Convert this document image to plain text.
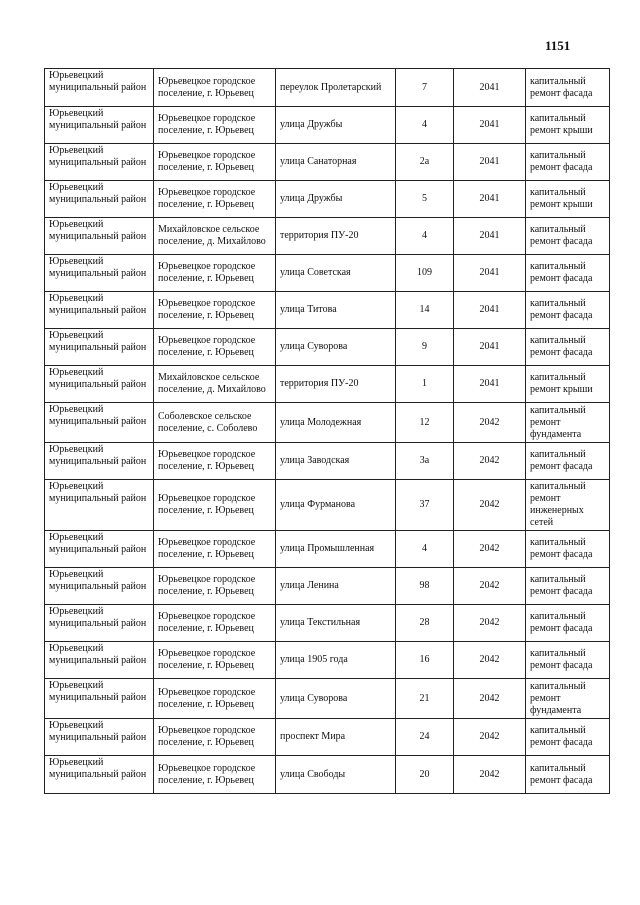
1151
Юрьевецкий муниципальный район	Юрьевецкое городское поселение, г. Юрьевец	переулок Пролетарский	7	2041	капитальный ремонт фасада
Юрьевецкий муниципальный район	Юрьевецкое городское поселение, г. Юрьевец	улица Дружбы	4	2041	капитальный ремонт крыши
Юрьевецкий муниципальный район	Юрьевецкое городское поселение, г. Юрьевец	улица Санаторная	2а	2041	капитальный ремонт фасада
Юрьевецкий муниципальный район	Юрьевецкое городское поселение, г. Юрьевец	улица Дружбы	5	2041	капитальный ремонт крыши
Юрьевецкий муниципальный район	Михайловское сельское поселение, д. Михайлово	территория ПУ-20	4	2041	капитальный ремонт фасада
Юрьевецкий муниципальный район	Юрьевецкое городское поселение, г. Юрьевец	улица Советская	109	2041	капитальный ремонт фасада
Юрьевецкий муниципальный район	Юрьевецкое городское поселение, г. Юрьевец	улица Титова	14	2041	капитальный ремонт фасада
Юрьевецкий муниципальный район	Юрьевецкое городское поселение, г. Юрьевец	улица Суворова	9	2041	капитальный ремонт фасада
Юрьевецкий муниципальный район	Михайловское сельское поселение, д. Михайлово	территория ПУ-20	1	2041	капитальный ремонт крыши
Юрьевецкий муниципальный район	Соболевское сельское поселение, с. Соболево	улица Молодежная	12	2042	капитальный ремонт фундамента
Юрьевецкий муниципальный район	Юрьевецкое городское поселение, г. Юрьевец	улица Заводская	3а	2042	капитальный ремонт фасада
Юрьевецкий муниципальный район	Юрьевецкое городское поселение, г. Юрьевец	улица Фурманова	37	2042	капитальный ремонт инженерных сетей
Юрьевецкий муниципальный район	Юрьевецкое городское поселение, г. Юрьевец	улица Промышленная	4	2042	капитальный ремонт фасада
Юрьевецкий муниципальный район	Юрьевецкое городское поселение, г. Юрьевец	улица Ленина	98	2042	капитальный ремонт фасада
Юрьевецкий муниципальный район	Юрьевецкое городское поселение, г. Юрьевец	улица Текстильная	28	2042	капитальный ремонт фасада
Юрьевецкий муниципальный район	Юрьевецкое городское поселение, г. Юрьевец	улица 1905 года	16	2042	капитальный ремонт фасада
Юрьевецкий муниципальный район	Юрьевецкое городское поселение, г. Юрьевец	улица Суворова	21	2042	капитальный ремонт фундамента
Юрьевецкий муниципальный район	Юрьевецкое городское поселение, г. Юрьевец	проспект Мира	24	2042	капитальный ремонт фасада
Юрьевецкий муниципальный район	Юрьевецкое городское поселение, г. Юрьевец	улица Свободы	20	2042	капитальный ремонт фасада
